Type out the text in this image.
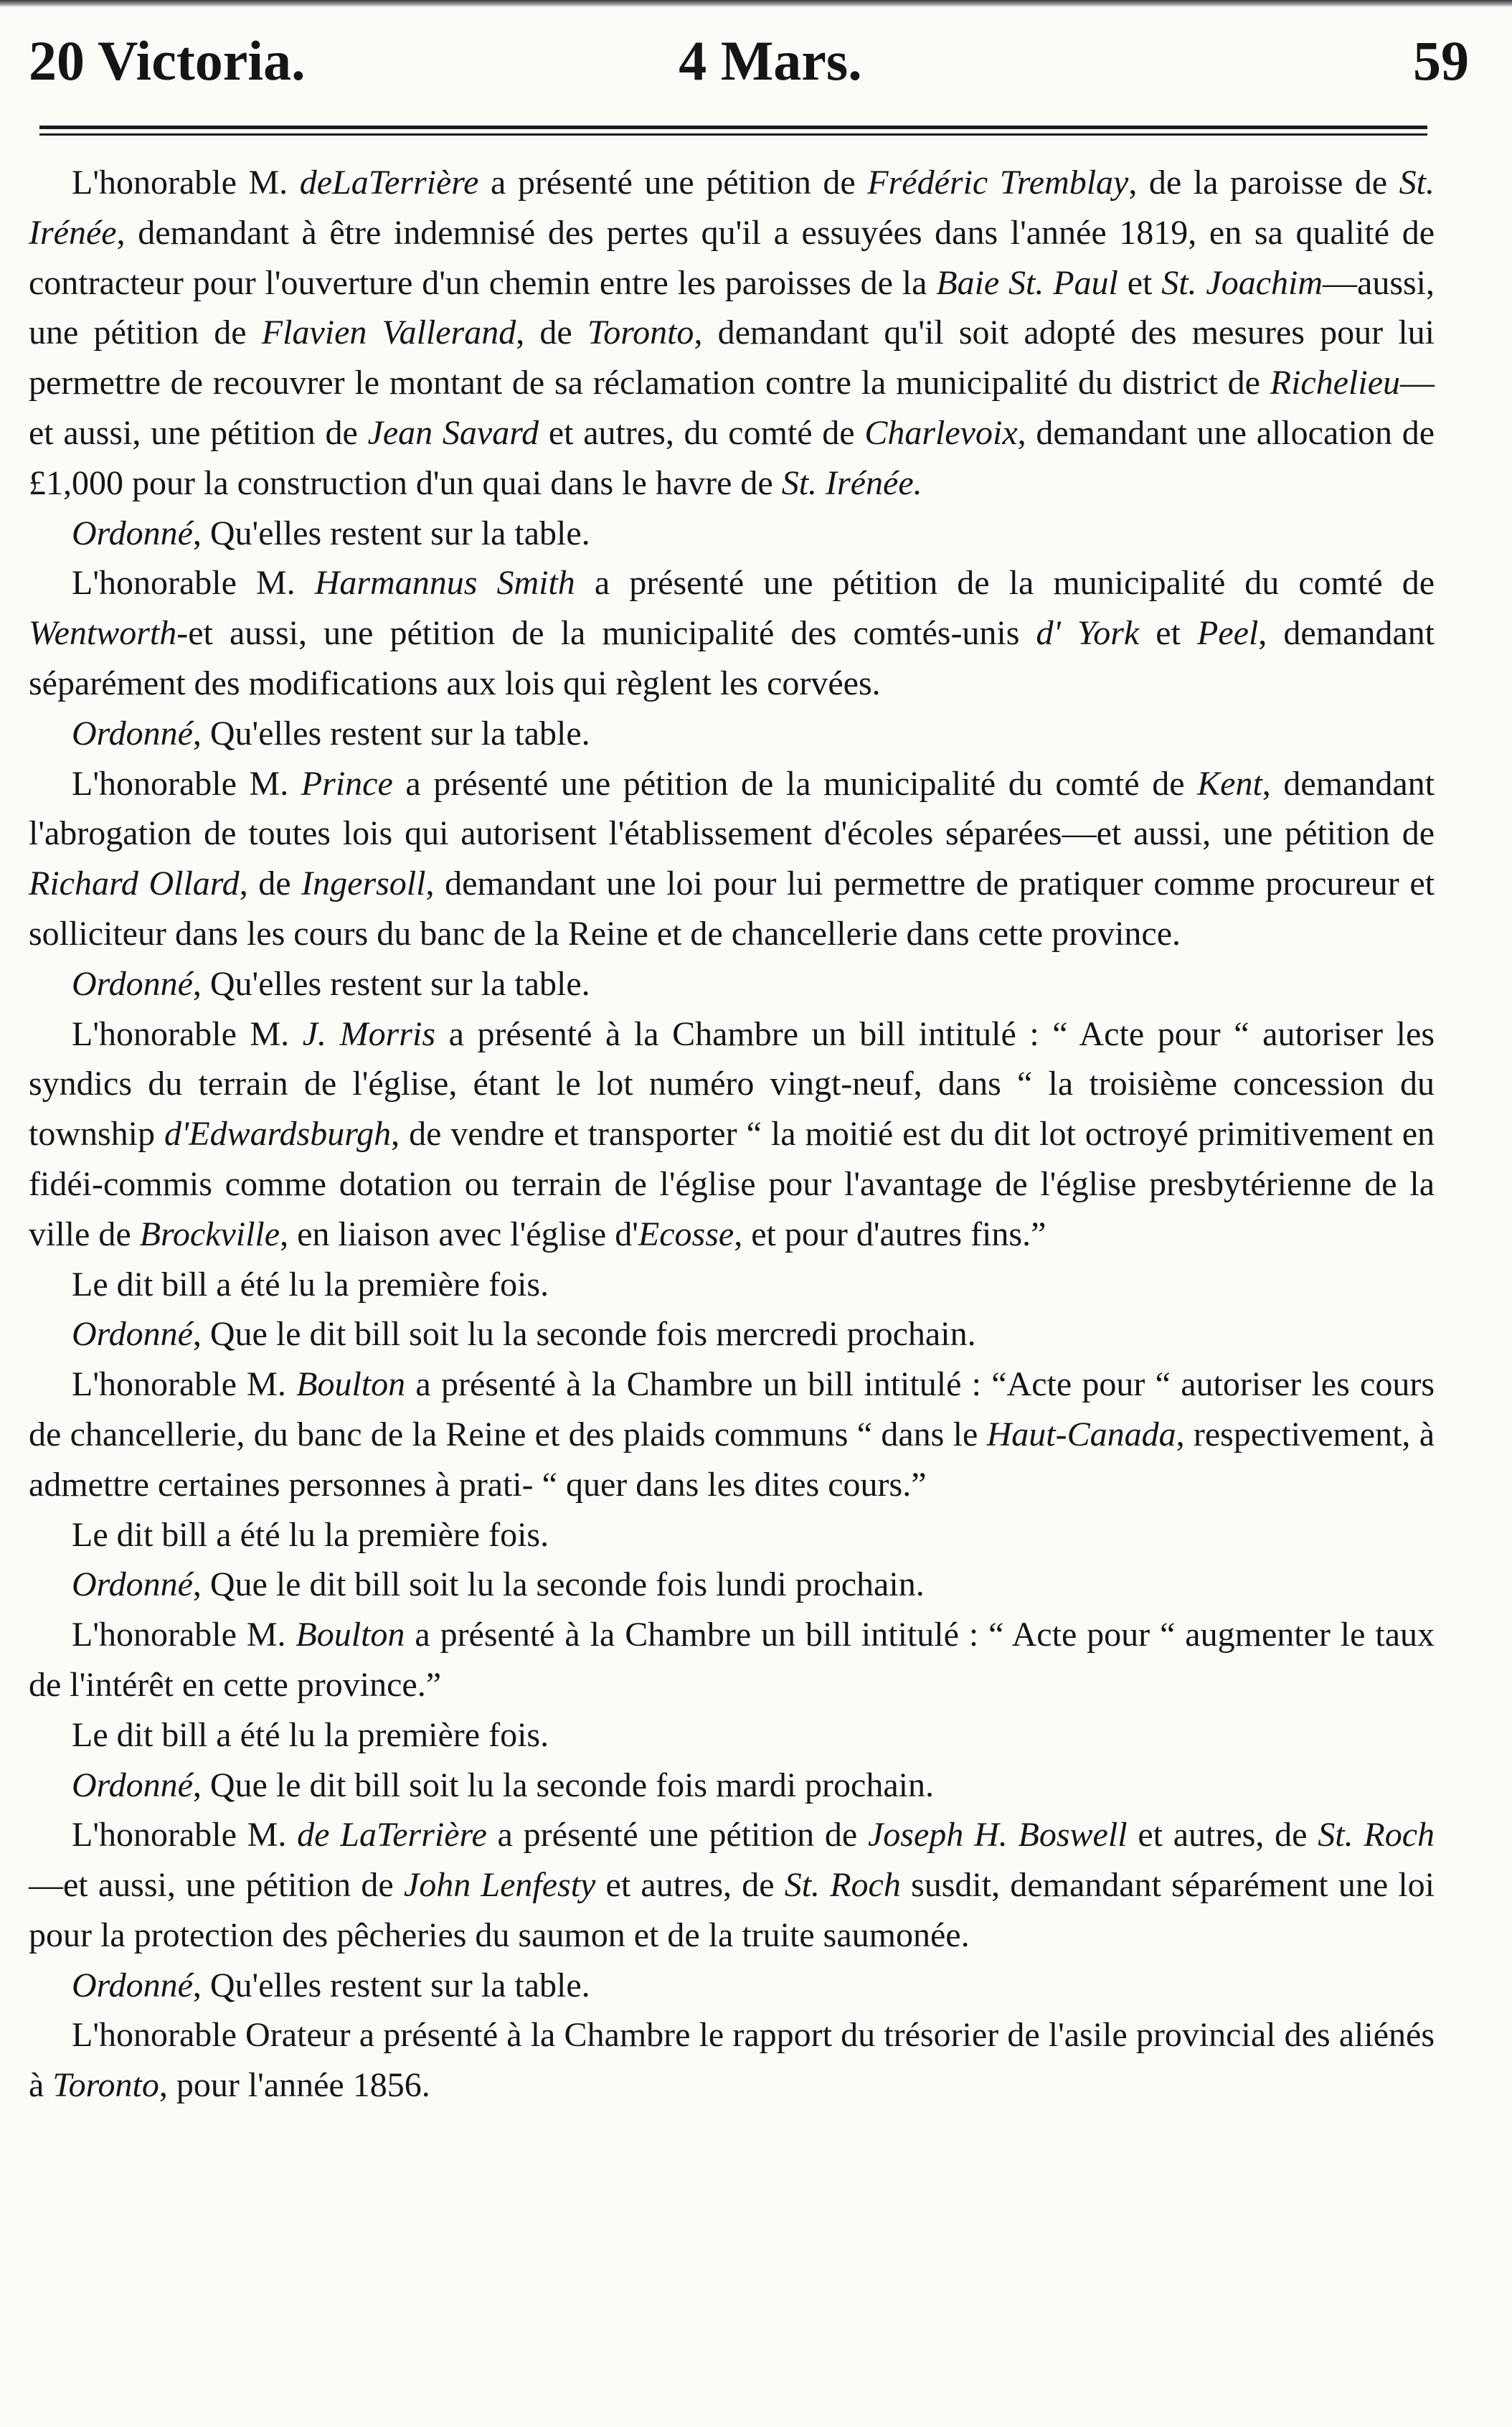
20 Victoria.	4 Mars.	59

L'honorable M. deLaTerrière a présenté une pétition de Frédéric Tremblay, de la paroisse de St. Irénée, demandant à être indemnisé des pertes qu'il a essuyées dans l'année 1819, en sa qualité de contracteur pour l'ouverture d'un chemin entre les paroisses de la Baie St. Paul et St. Joachim—aussi, une pétition de Flavien Vallerand, de Toronto, demandant qu'il soit adopté des mesures pour lui permettre de recouvrer le montant de sa réclamation contre la municipalité du district de Richelieu—et aussi, une pétition de Jean Savard et autres, du comté de Charlevoix, demandant une allocation de £1,000 pour la construction d'un quai dans le havre de St. Irénée.

Ordonné, Qu'elles restent sur la table.

L'honorable M. Harmannus Smith a présenté une pétition de la municipalité du comté de Wentworth-et aussi, une pétition de la municipalité des comtés-unis d' York et Peel, demandant séparément des modifications aux lois qui règlent les corvées.

Ordonné, Qu'elles restent sur la table.

L'honorable M. Prince a présenté une pétition de la municipalité du comté de Kent, demandant l'abrogation de toutes lois qui autorisent l'établissement d'écoles séparées—et aussi, une pétition de Richard Ollard, de Ingersoll, demandant une loi pour lui permettre de pratiquer comme procureur et solliciteur dans les cours du banc de la Reine et de chancellerie dans cette province.

Ordonné, Qu'elles restent sur la table.

L'honorable M. J. Morris a présenté à la Chambre un bill intitulé : “ Acte pour “ autoriser les syndics du terrain de l'église, étant le lot numéro vingt-neuf, dans “ la troisième concession du township d'Edwardsburgh, de vendre et transporter “ la moitié est du dit lot octroyé primitivement en fidéi-commis comme dotation ou terrain de l'église pour l'avantage de l'église presbytérienne de la ville de Brockville, en liaison avec l'église d'Ecosse, et pour d'autres fins.”

Le dit bill a été lu la première fois.

Ordonné, Que le dit bill soit lu la seconde fois mercredi prochain.

L'honorable M. Boulton a présenté à la Chambre un bill intitulé : “Acte pour “ autoriser les cours de chancellerie, du banc de la Reine et des plaids communs “ dans le Haut-Canada, respectivement, à admettre certaines personnes à prati- “ quer dans les dites cours.”

Le dit bill a été lu la première fois.

Ordonné, Que le dit bill soit lu la seconde fois lundi prochain.

L'honorable M. Boulton a présenté à la Chambre un bill intitulé : “ Acte pour “ augmenter le taux de l'intérêt en cette province.”

Le dit bill a été lu la première fois.

Ordonné, Que le dit bill soit lu la seconde fois mardi prochain.

L'honorable M. de LaTerrière a présenté une pétition de Joseph H. Boswell et autres, de St. Roch—et aussi, une pétition de John Lenfesty et autres, de St. Roch susdit, demandant séparément une loi pour la protection des pêcheries du saumon et de la truite saumonée.

Ordonné, Qu'elles restent sur la table.

L'honorable Orateur a présenté à la Chambre le rapport du trésorier de l'asile provincial des aliénés à Toronto, pour l'année 1856.
